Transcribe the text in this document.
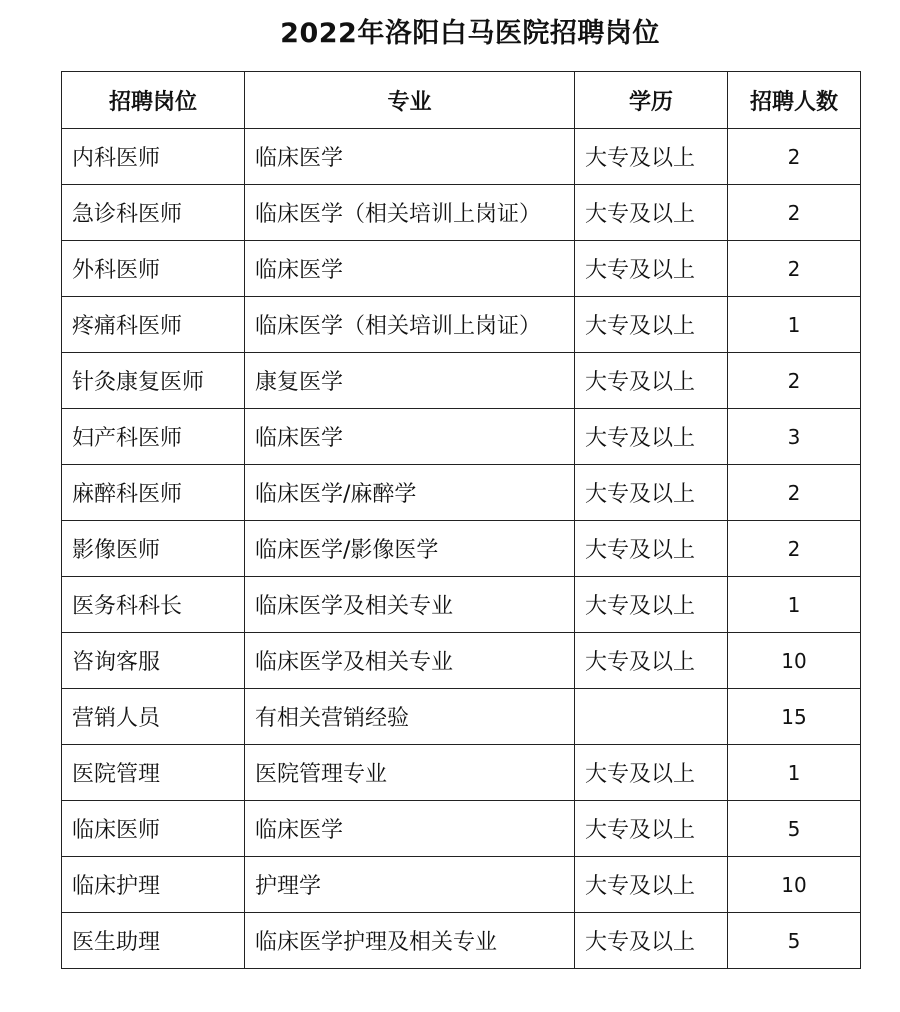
2022年洛阳白马医院招聘岗位
招聘岗位	专业	学历	招聘人数
内科医师	临床医学	大专及以上	2
急诊科医师	临床医学（相关培训上岗证）	大专及以上	2
外科医师	临床医学	大专及以上	2
疼痛科医师	临床医学（相关培训上岗证）	大专及以上	1
针灸康复医师	康复医学	大专及以上	2
妇产科医师	临床医学	大专及以上	3
麻醉科医师	临床医学/麻醉学	大专及以上	2
影像医师	临床医学/影像医学	大专及以上	2
医务科科长	临床医学及相关专业	大专及以上	1
咨询客服	临床医学及相关专业	大专及以上	10
营销人员	有相关营销经验		15
医院管理	医院管理专业	大专及以上	1
临床医师	临床医学	大专及以上	5
临床护理	护理学	大专及以上	10
医生助理	临床医学护理及相关专业	大专及以上	5
